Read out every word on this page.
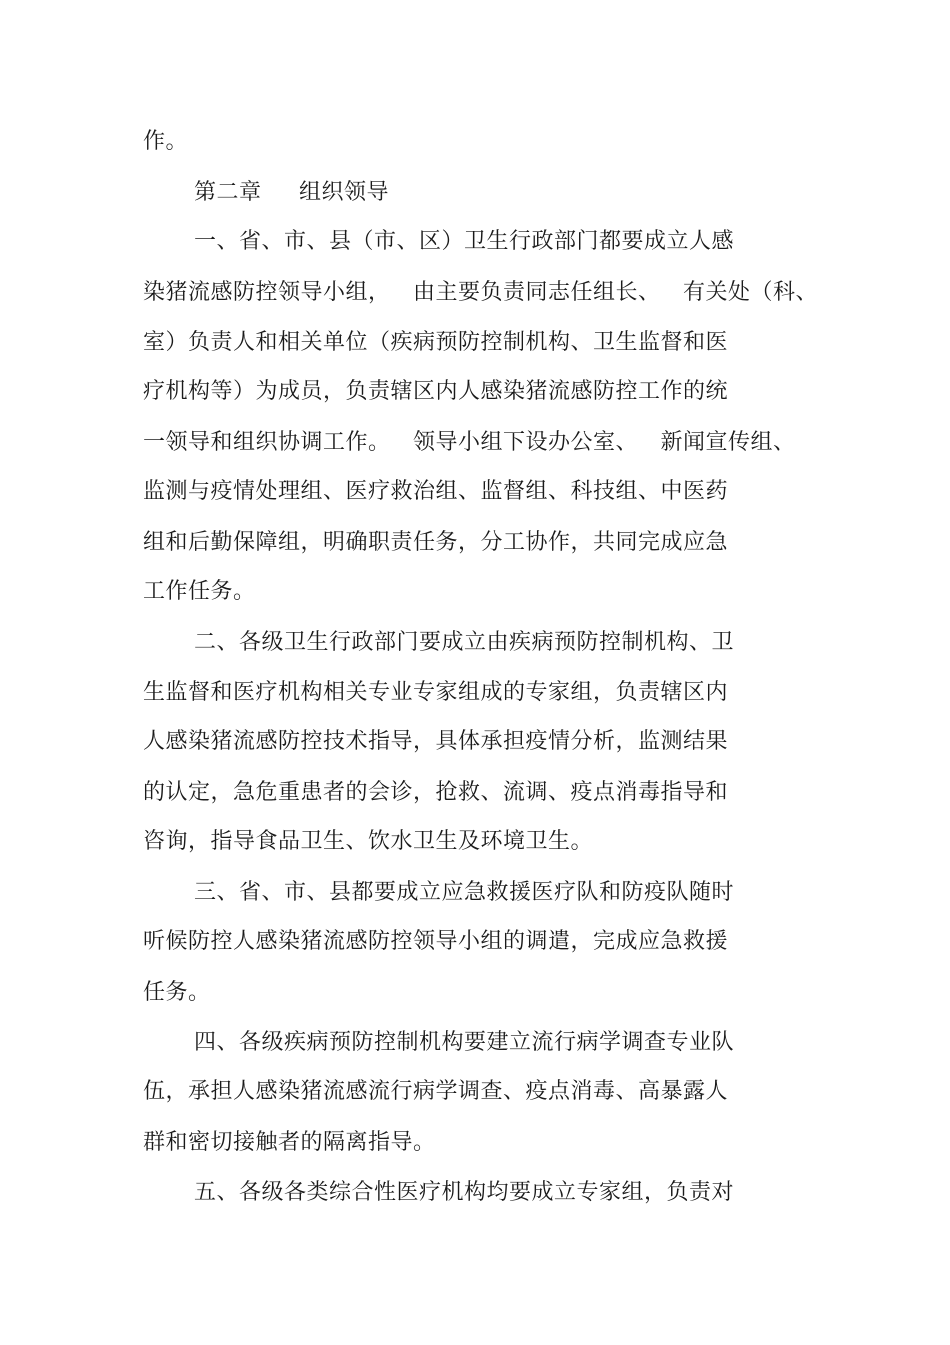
作。
第二章     组织领导
一、省、市、县（市、区）卫生行政部门都要成立人感
染猪流感防控领导小组，   由主要负责同志任组长、   有关处（科、
室）负责人和相关单位（疾病预防控制机构、卫生监督和医
疗机构等）为成员，负责辖区内人感染猪流感防控工作的统
一领导和组织协调工作。   领导小组下设办公室、   新闻宣传组、
监测与疫情处理组、医疗救治组、监督组、科技组、中医药
组和后勤保障组，明确职责任务，分工协作，共同完成应急
工作任务。
二、各级卫生行政部门要成立由疾病预防控制机构、卫
生监督和医疗机构相关专业专家组成的专家组，负责辖区内
人感染猪流感防控技术指导，具体承担疫情分析，监测结果
的认定，急危重患者的会诊，抢救、流调、疫点消毒指导和
咨询，指导食品卫生、饮水卫生及环境卫生。
三、省、市、县都要成立应急救援医疗队和防疫队随时
听候防控人感染猪流感防控领导小组的调遣，完成应急救援
任务。
四、各级疾病预防控制机构要建立流行病学调查专业队
伍，承担人感染猪流感流行病学调查、疫点消毒、高暴露人
群和密切接触者的隔离指导。
五、各级各类综合性医疗机构均要成立专家组，负责对
